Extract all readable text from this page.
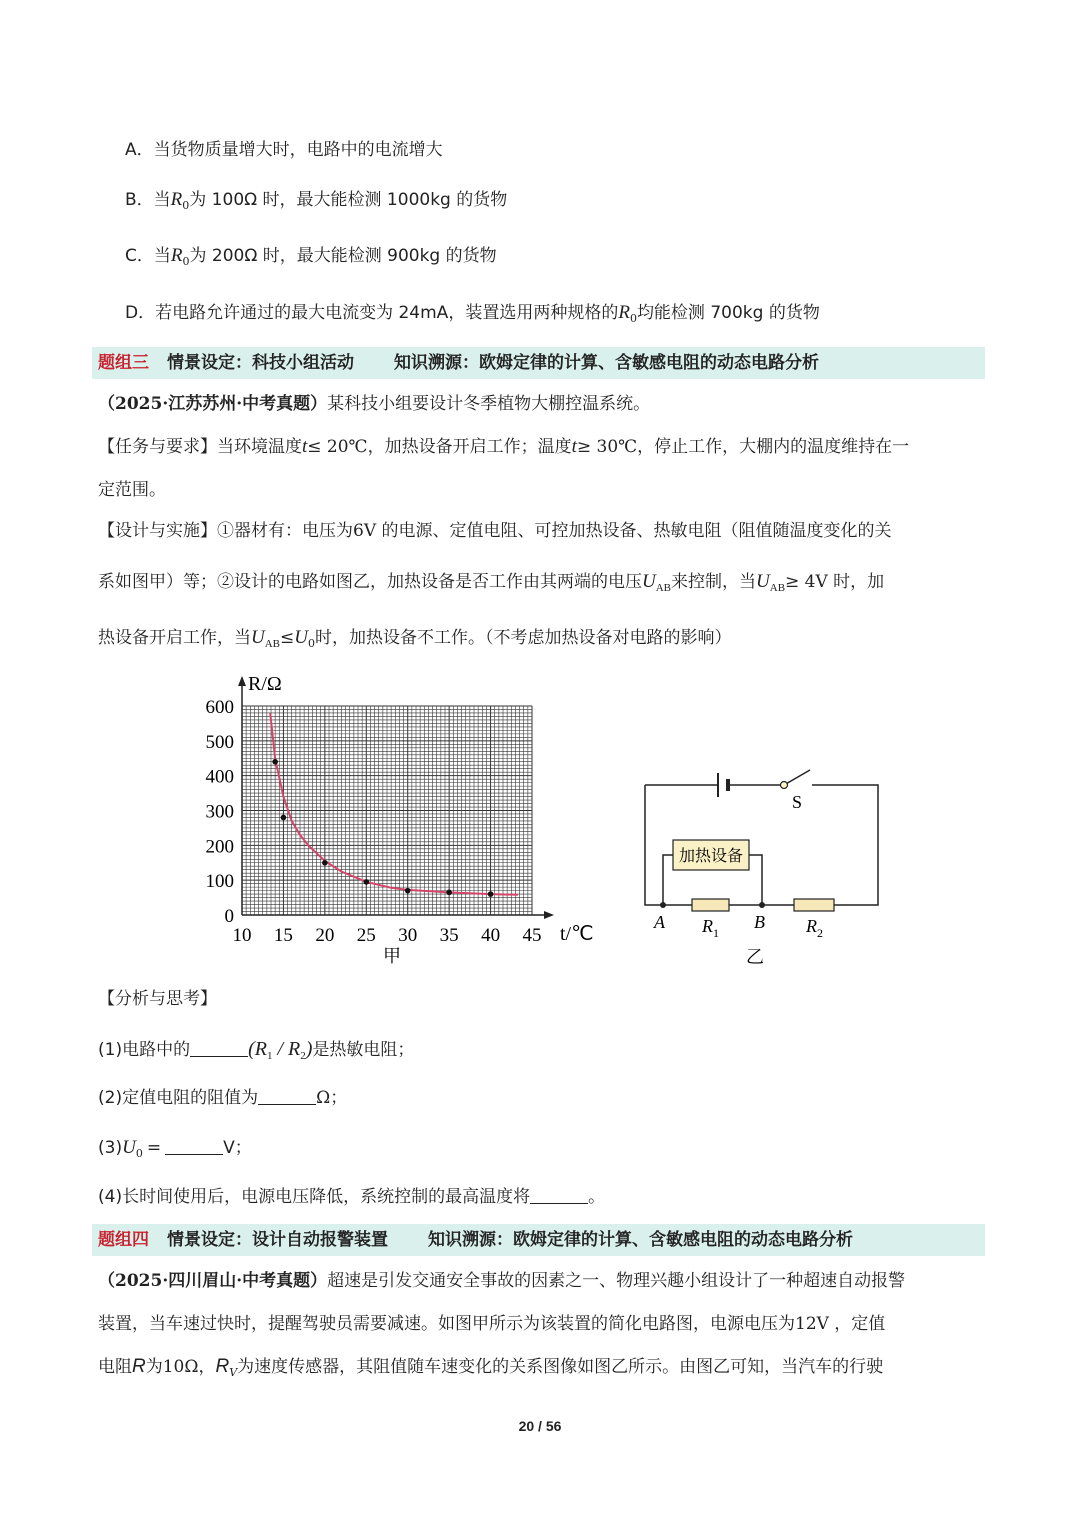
A．当货物质量增大时，电路中的电流增大
B．当$R_0$为 100Ω 时，最大能检测 1000kg 的货物
C．当$R_0$为 200Ω 时，最大能检测 900kg 的货物
D．若电路允许通过的最大电流变为 24mA，装置选用两种规格的$R_0$均能检测 700kg 的货物
题组三 情景设定：科技小组活动 知识溯源：欧姆定律的计算、含敏感电阻的动态电路分析
（2025·江苏苏州·中考真题）某科技小组要设计冬季植物大棚控温系统。
【任务与要求】当环境温度t≤ 20℃，加热设备开启工作；温度t≥ 30℃，停止工作，大棚内的温度维持在一
定范围。
【设计与实施】①器材有：电压为6V 的电源、定值电阻、可控加热设备、热敏电阻（阻值随温度变化的关
系如图甲）等；②设计的电路如图乙，加热设备是否工作由其两端的电压$U_{AB}$来控制，当$U_{AB}\ge 4V$ 时，加
热设备开启工作，当$U_{AB}\le U_0$时，加热设备不工作。（不考虑加热设备对电路的影响）
10 15 20 25 30 35 40 45
0
100
200
300
400
500
600
R/Ω
t/℃
甲
加热设备
S
A	B
$R_1$	$R_2$
乙
【分析与思考】
(1)电路中的	$(R_1 / R_2)$是热敏电阻；
(2)定值电阻的阻值为	Ω；
$(3)U_0$ =	V；
(4)长时间使用后，电源电压降低，系统控制的最高温度将	。
题组四 情景设定：设计自动报警装置 知识溯源：欧姆定律的计算、含敏感电阻的动态电路分析
（2025·四川眉山·中考真题）超速是引发交通安全事故的因素之一、物理兴趣小组设计了一种超速自动报警
装置，当车速过快时，提醒驾驶员需要减速。如图甲所示为该装置的简化电路图，电源电压为12V ，定值
电阻R为10Ω，$R_V$为速度传感器，其阻值随车速变化的关系图像如图乙所示。由图乙可知，当汽车的行驶
20 / 56
